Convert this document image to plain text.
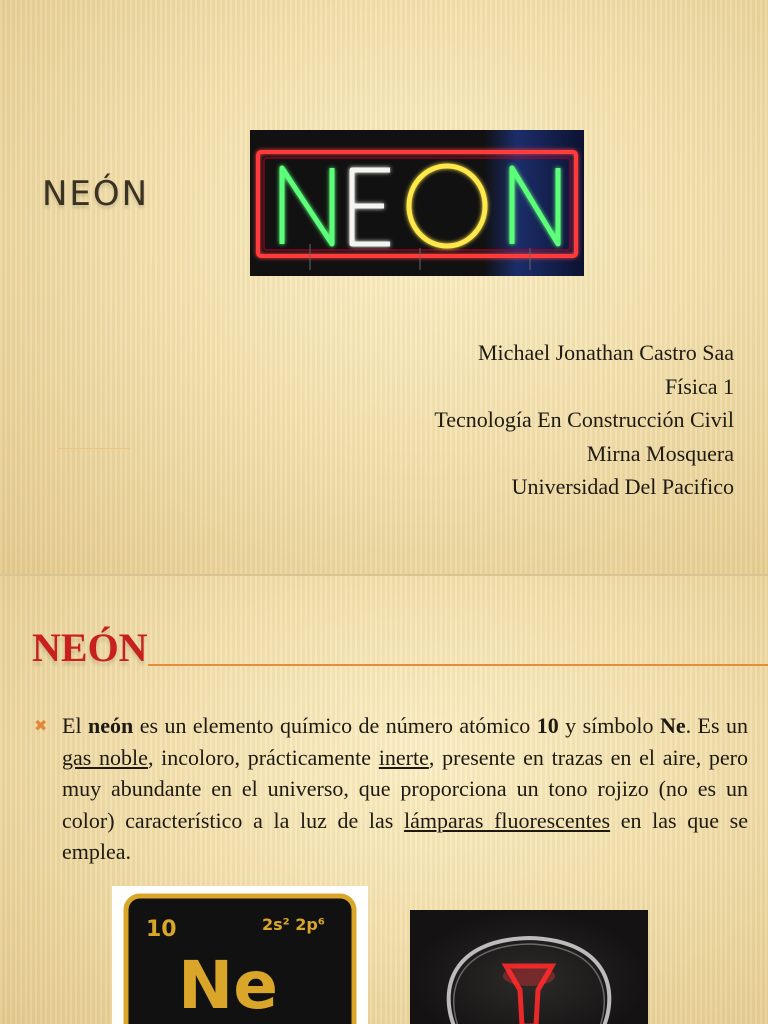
NEÓN
Michael Jonathan Castro Saa
Física 1
Tecnología En Construcción Civil
Mirna Mosquera
Universidad Del Pacifico
NEÓN
✖ El neón es un elemento químico de número atómico 10 y símbolo Ne. Es un gas noble, incoloro, prácticamente inerte, presente en trazas en el aire, pero muy abundante en el universo, que proporciona un tono rojizo (no es un color) característico a la luz de las lámparas fluorescentes en las que se emplea.
10	2s² 2p⁶
Ne
